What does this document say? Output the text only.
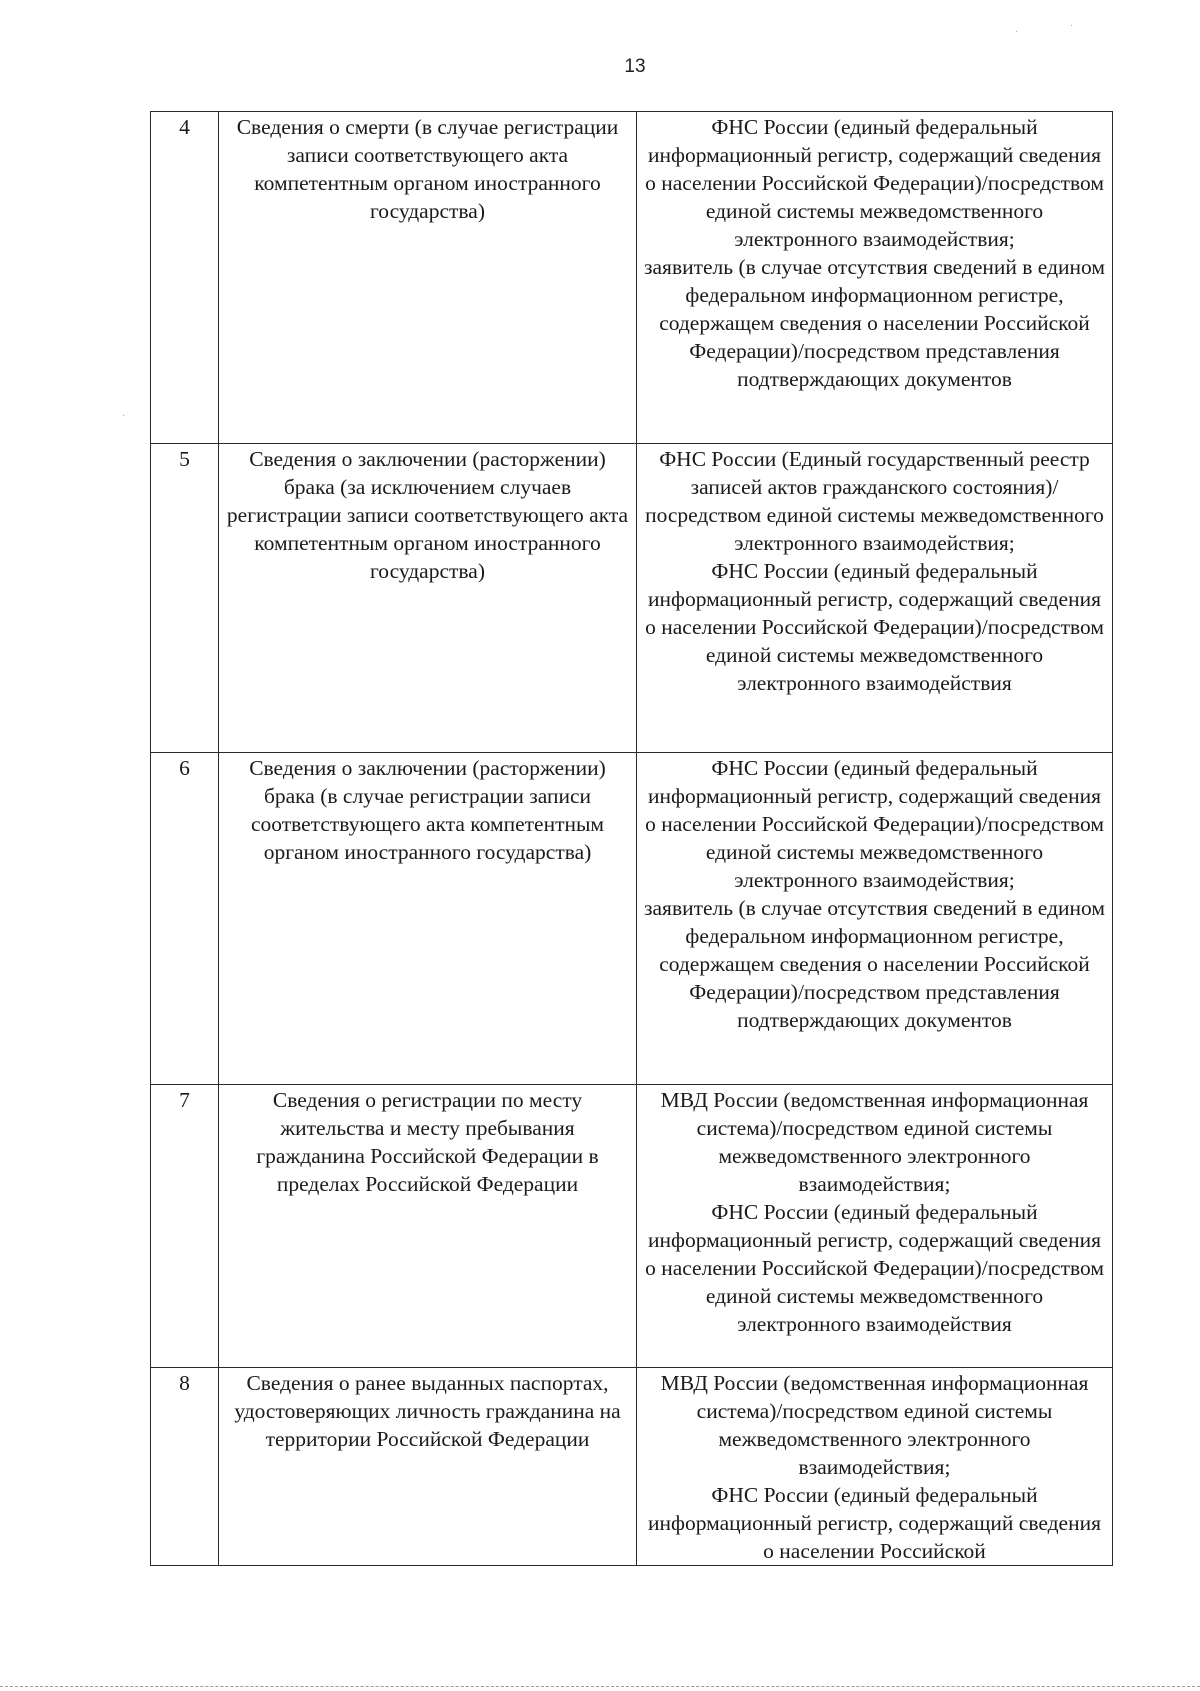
13
4	Сведения о смерти (в случае регистрации записи соответствующего акта компетентным органом иностранного государства)	ФНС России (единый федеральный информационный регистр, содержащий сведения о населении Российской Федерации)/посредством единой системы межведомственного электронного взаимодействия;
заявитель (в случае отсутствия сведений в едином федеральном информационном регистре, содержащем сведения о населении Российской Федерации)/посредством представления подтверждающих документов
5	Сведения о заключении (расторжении) брака (за исключением случаев регистрации записи соответствующего акта компетентным органом иностранного государства)	ФНС России (Единый государственный реестр записей актов гражданского состояния)/посредством единой системы межведомственного электронного взаимодействия;
ФНС России (единый федеральный информационный регистр, содержащий сведения о населении Российской Федерации)/посредством единой системы межведомственного электронного взаимодействия
6	Сведения о заключении (расторжении) брака (в случае регистрации записи соответствующего акта компетентным органом иностранного государства)	ФНС России (единый федеральный информационный регистр, содержащий сведения о населении Российской Федерации)/посредством единой системы межведомственного электронного взаимодействия;
заявитель (в случае отсутствия сведений в едином федеральном информационном регистре, содержащем сведения о населении Российской Федерации)/посредством представления подтверждающих документов
7	Сведения о регистрации по месту жительства и месту пребывания гражданина Российской Федерации в пределах Российской Федерации	МВД России (ведомственная информационная система)/посредством единой системы межведомственного электронного взаимодействия;
ФНС России (единый федеральный информационный регистр, содержащий сведения о населении Российской Федерации)/посредством единой системы межведомственного электронного взаимодействия
8	Сведения о ранее выданных паспортах, удостоверяющих личность гражданина на территории Российской Федерации	МВД России (ведомственная информационная система)/посредством единой системы межведомственного электронного взаимодействия;
ФНС России (единый федеральный информационный регистр, содержащий сведения о населении Российской
·
·
·
